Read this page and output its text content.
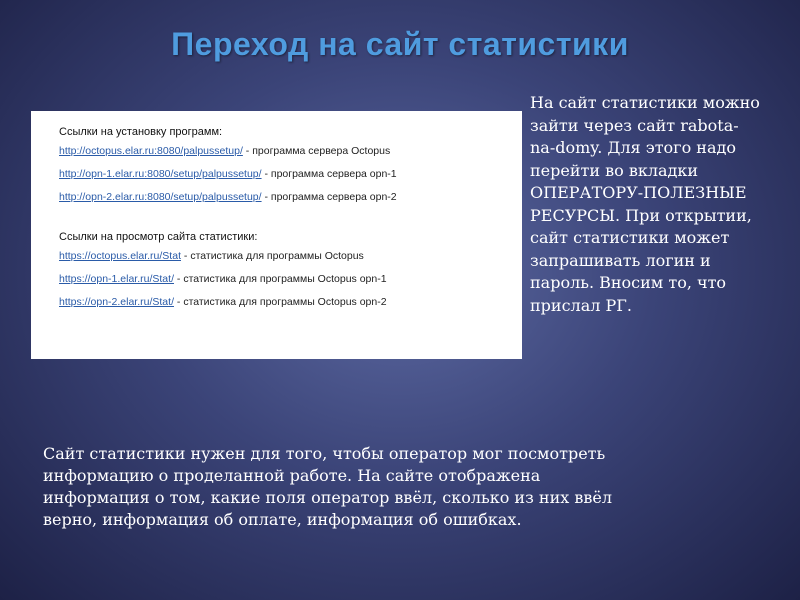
Переход на сайт статистики
Ссылки на установку программ:
http://octopus.elar.ru:8080/palpussetup/ - программа сервера Octopus
http://opn-1.elar.ru:8080/setup/palpussetup/ - программа сервера opn-1
http://opn-2.elar.ru:8080/setup/palpussetup/ - программа сервера opn-2
Ссылки на просмотр сайта статистики:
https://octopus.elar.ru/Stat - статистика для программы Octopus
https://opn-1.elar.ru/Stat/ - статистика для программы Octopus opn-1
https://opn-2.elar.ru/Stat/ - статистика для программы Octopus opn-2
На сайт статистики можно зайти через сайт rabota-na-domy. Для этого надо перейти во вкладки ОПЕРАТОРУ-ПОЛЕЗНЫЕ РЕСУРСЫ. При открытии, сайт статистики может запрашивать логин и пароль. Вносим то, что прислал РГ.
Сайт статистики нужен для того, чтобы оператор мог посмотреть информацию о проделанной работе. На сайте отображена информация о том, какие поля оператор ввёл, сколько из них ввёл верно, информация об оплате, информация об ошибках.
